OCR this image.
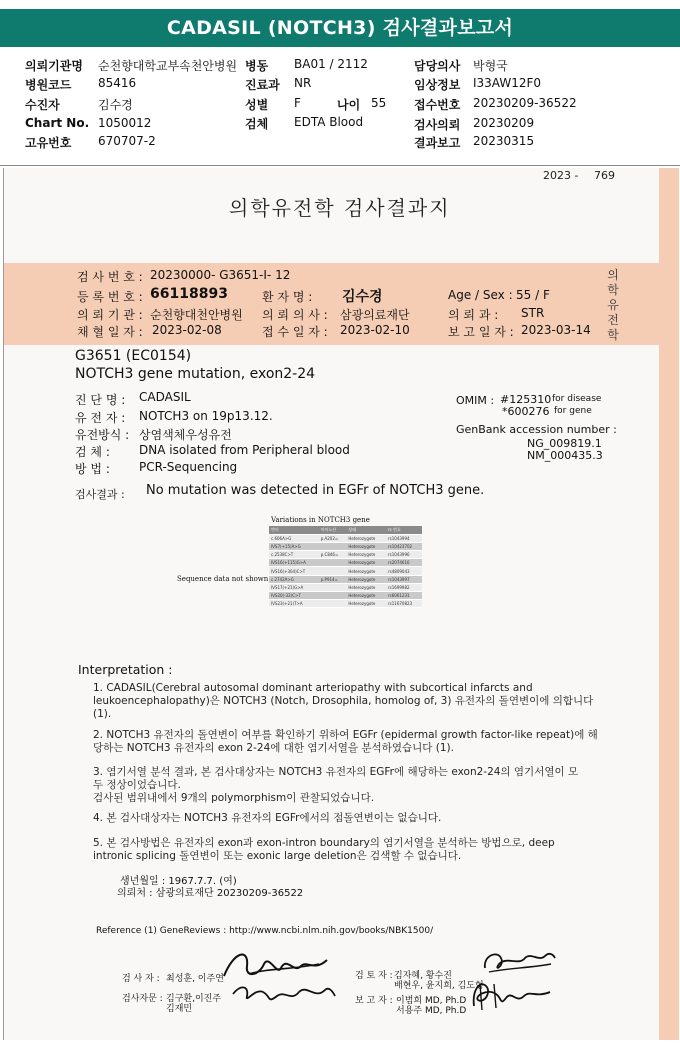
CADASIL (NOTCH3) 검사결과보고서
의뢰기관명 순천향대학교부속천안병원
병원코드 85416
수진자	김수경
Chart No. 1050012
고유번호 670707-2
병동 BA01 / 2112
진료과 NR
성별 F	나이 55
검체 EDTA Blood
담당의사 박형국
임상정보 I33AW12F0
접수번호 20230209-36522
검사의뢰 20230209
결과보고 20230315
2023 - 769
의학유전학 검사결과지
의
학
유
전
학
검 사 번 호 : 20230000- G3651-I- 12
등 록 번 호 : 66118893	환 자 명 : 김수경	Age / Sex : 55 / F
의 뢰 기 관 : 순천향대천안병원 의 뢰 의 사 : 삼광의료재단	의 뢰 과 : STR
채 혈 일 자 : 2023-02-08	접 수 일 자 : 2023-02-10	보 고 일 자 : 2023-03-14
G3651 (EC0154)
NOTCH3 gene mutation, exon2-24
진 단 명 : CADASIL
유 전 자 : NOTCH3 on 19p13.12.
유전방식 : 상염색체우성유전
검 체 : DNA isolated from Peripheral blood
방 법 : PCR-Sequencing
OMIM : #125310 for disease
*600276 for gene
GenBank accession number :
NG_009819.1
NM_000435.3
검사결과 : No mutation was detected in EGFr of NOTCH3 gene.
Variations in NOTCH3 gene
변이	아미노산	상태	rs 번호
c.606A>G	p.A202=	Heterozygote	rs1043994
IVS7(+15)A>G		Heterozygote	rs10423702
c.2538C>T	p.C846=	Heterozygote	rs1043996
IVS16(+115)G>A		Heterozygote	rs2074616
IVS16(+304)C>T		Heterozygote	rs4809043
c.2742A>G	p.P914=	Heterozygote	rs1043997
IVS17(+21)G>A		Heterozygote	rs1699982
IVS20(-32)C>T		Heterozygote	rs6061231
IVS23(+21)T>A		Heterozygote	rs11670823
Sequence data not shown
Interpretation :
1. CADASIL(Cerebral autosomal dominant arteriopathy with subcortical infarcts and
leukoencephalopathy)은 NOTCH3 (Notch, Drosophila, homolog of, 3) 유전자의 돌연변이에 의합니다
(1).
2. NOTCH3 유전자의 돌연변이 여부를 확인하기 위하여 EGFr (epidermal growth factor-like repeat)에 해
당하는 NOTCH3 유전자의 exon 2-24에 대한 염기서열을 분석하였습니다 (1).
3. 염기서열 분석 결과, 본 검사대상자는 NOTCH3 유전자의 EGFr에 해당하는 exon2-24의 염기서열이 모
두 정상이었습니다.
검사된 범위내에서 9개의 polymorphism이 관찰되었습니다.
4. 본 검사대상자는 NOTCH3 유전자의 EGFr에서의 점돌연변이는 없습니다.
5. 본 검사방법은 유전자의 exon과 exon-intron boundary의 염기서열을 분석하는 방법으로, deep
intronic splicing 돌연변이 또는 exonic large deletion은 검색할 수 없습니다.
생년월일 : 1967.7.7. (여)
의뢰처 : 삼광의료재단 20230209-36522
Reference (1) GeneReviews : http://www.ncbi.nlm.nih.gov/books/NBK1500/
검 사 자 : 최성훈, 이주연
검사자문 : 김구환,이진주
김재민
검 토 자 : 김자혜, 황수진
배현우, 윤지희, 김도형
보 고 자 : 이범희 MD, Ph.D
서용주 MD, Ph.D
